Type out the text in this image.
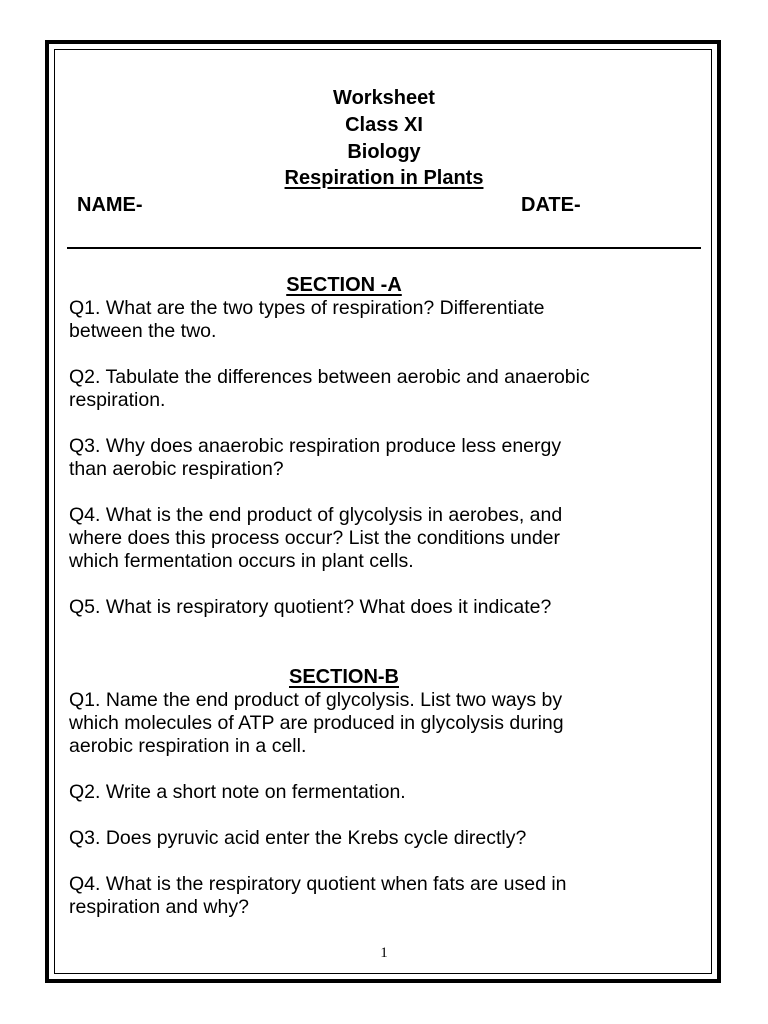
Worksheet
Class XI
Biology
Respiration in Plants
NAME-	DATE-
SECTION -A
Q1. What are the two types of respiration? Differentiate
between the two.
Q2. Tabulate the differences between aerobic and anaerobic
respiration.
Q3. Why does anaerobic respiration produce less energy
than aerobic respiration?
Q4. What is the end product of glycolysis in aerobes, and
where does this process occur? List the conditions under
which fermentation occurs in plant cells.
Q5. What is respiratory quotient? What does it indicate?
SECTION-B
Q1. Name the end product of glycolysis. List two ways by
which molecules of ATP are produced in glycolysis during
aerobic respiration in a cell.
Q2. Write a short note on fermentation.
Q3. Does pyruvic acid enter the Krebs cycle directly?
Q4. What is the respiratory quotient when fats are used in
respiration and why?
1
